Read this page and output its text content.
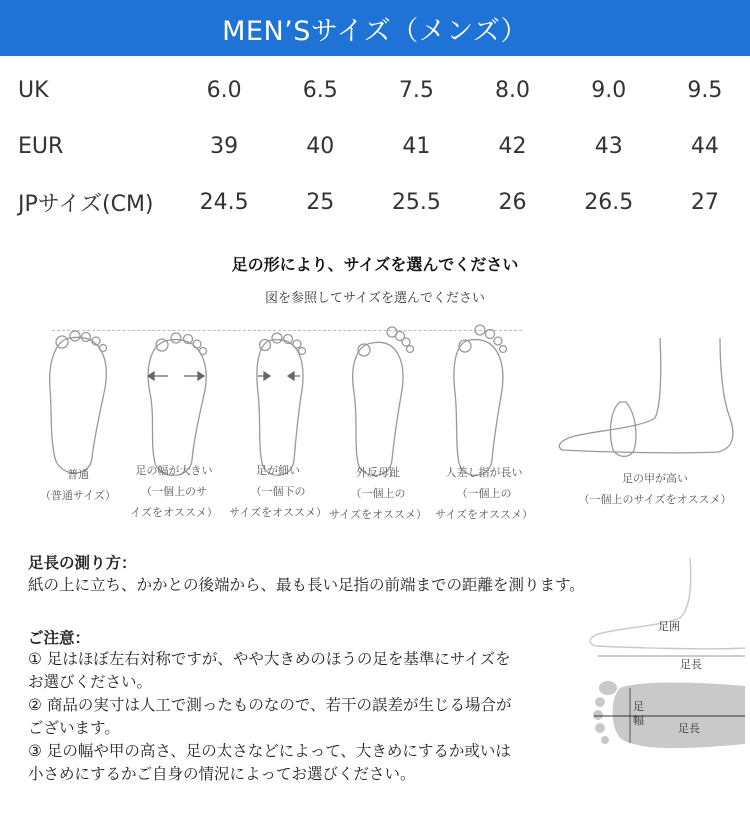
MEN’Sサイズ（メンズ）
UK	6.0	6.5	7.5	8.0	9.0	9.5
EUR	39	40	41	42	43	44
JPサイズ(CM)	24.5	25	25.5	26	26.5	27
足の形により、サイズを選んでください
図を参照してサイズを選んでください
普通
（普通サイズ）
足の幅が大きい
（一個上のサ
イズをオススメ）
足が細い
（一個下の
サイズをオススメ）
外反母趾
（一個上の
サイズをオススメ）
人差し指が長い
（一個上の
サイズをオススメ）
足の甲が高い
（一個上のサイズをオススメ）
足長の測り方：
紙の上に立ち、かかとの後端から、最も長い足指の前端までの距離を測ります。
ご注意：
① 足はほぼ左右対称ですが、やや大きめのほうの足を基準にサイズを
お選びください。
② 商品の実寸は人工で測ったものなので、若干の誤差が生じる場合が
ございます。
③ 足の幅や甲の高さ、足の太さなどによって、大きめにするか或いは
小さめにするかご自身の情況によってお選びください。
足囲
足長
足幅
足長
